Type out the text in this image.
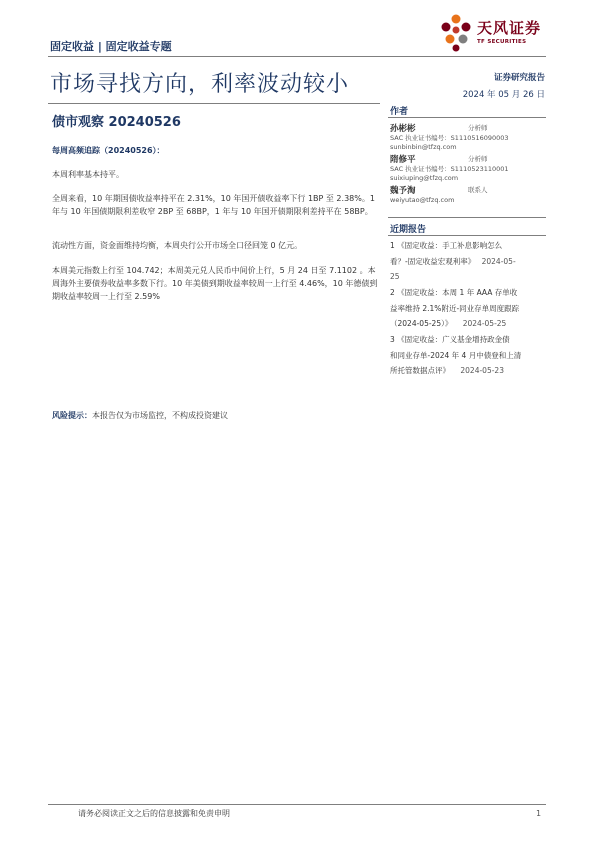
固定收益 | 固定收益专题
天风证券
TF SECURITIES
市场寻找方向，利率波动较小	证券研究报告
2024 年 05 月 26 日
债市观察 20240526
每周高频追踪（20240526）：
本周利率基本持平。
全周来看，10 年期国债收益率持平在 2.31%，10 年国开债收益率下行 1BP 至 2.38%。1 年与 10 年国债期限利差收窄 2BP 至 68BP，1 年与 10 年国开债期限利差持平在 58BP。
流动性方面，资金面维持均衡，本周央行公开市场全口径回笼 0 亿元。
本周美元指数上行至 104.742；本周美元兑人民币中间价上行，5 月 24 日至 7.1102 。本周海外主要债券收益率多数下行。10 年美债到期收益率较周一上行至 4.46%，10 年德债到期收益率较周一上行至 2.59%
风险提示：本报告仅为市场监控，不构成投资建议
作者
孙彬彬	分析师
SAC 执业证书编号：S1110516090003
sunbinbin@tfzq.com
隋修平	分析师
SAC 执业证书编号：S1110523110001
suixiuping@tfzq.com
魏予淘	联系人
weiyutao@tfzq.com
近期报告
1 《固定收益：手工补息影响怎么
看？-固定收益宏观利率》 2024-05-
25
2 《固定收益：本周 1 年 AAA 存单收
益率维持 2.1%附近-同业存单周度跟踪
（2024-05-25）》 2024-05-25
3 《固定收益：广义基金增持政金债
和同业存单-2024 年 4 月中债登和上清
所托管数据点评》 2024-05-23
请务必阅读正文之后的信息披露和免责申明	1
